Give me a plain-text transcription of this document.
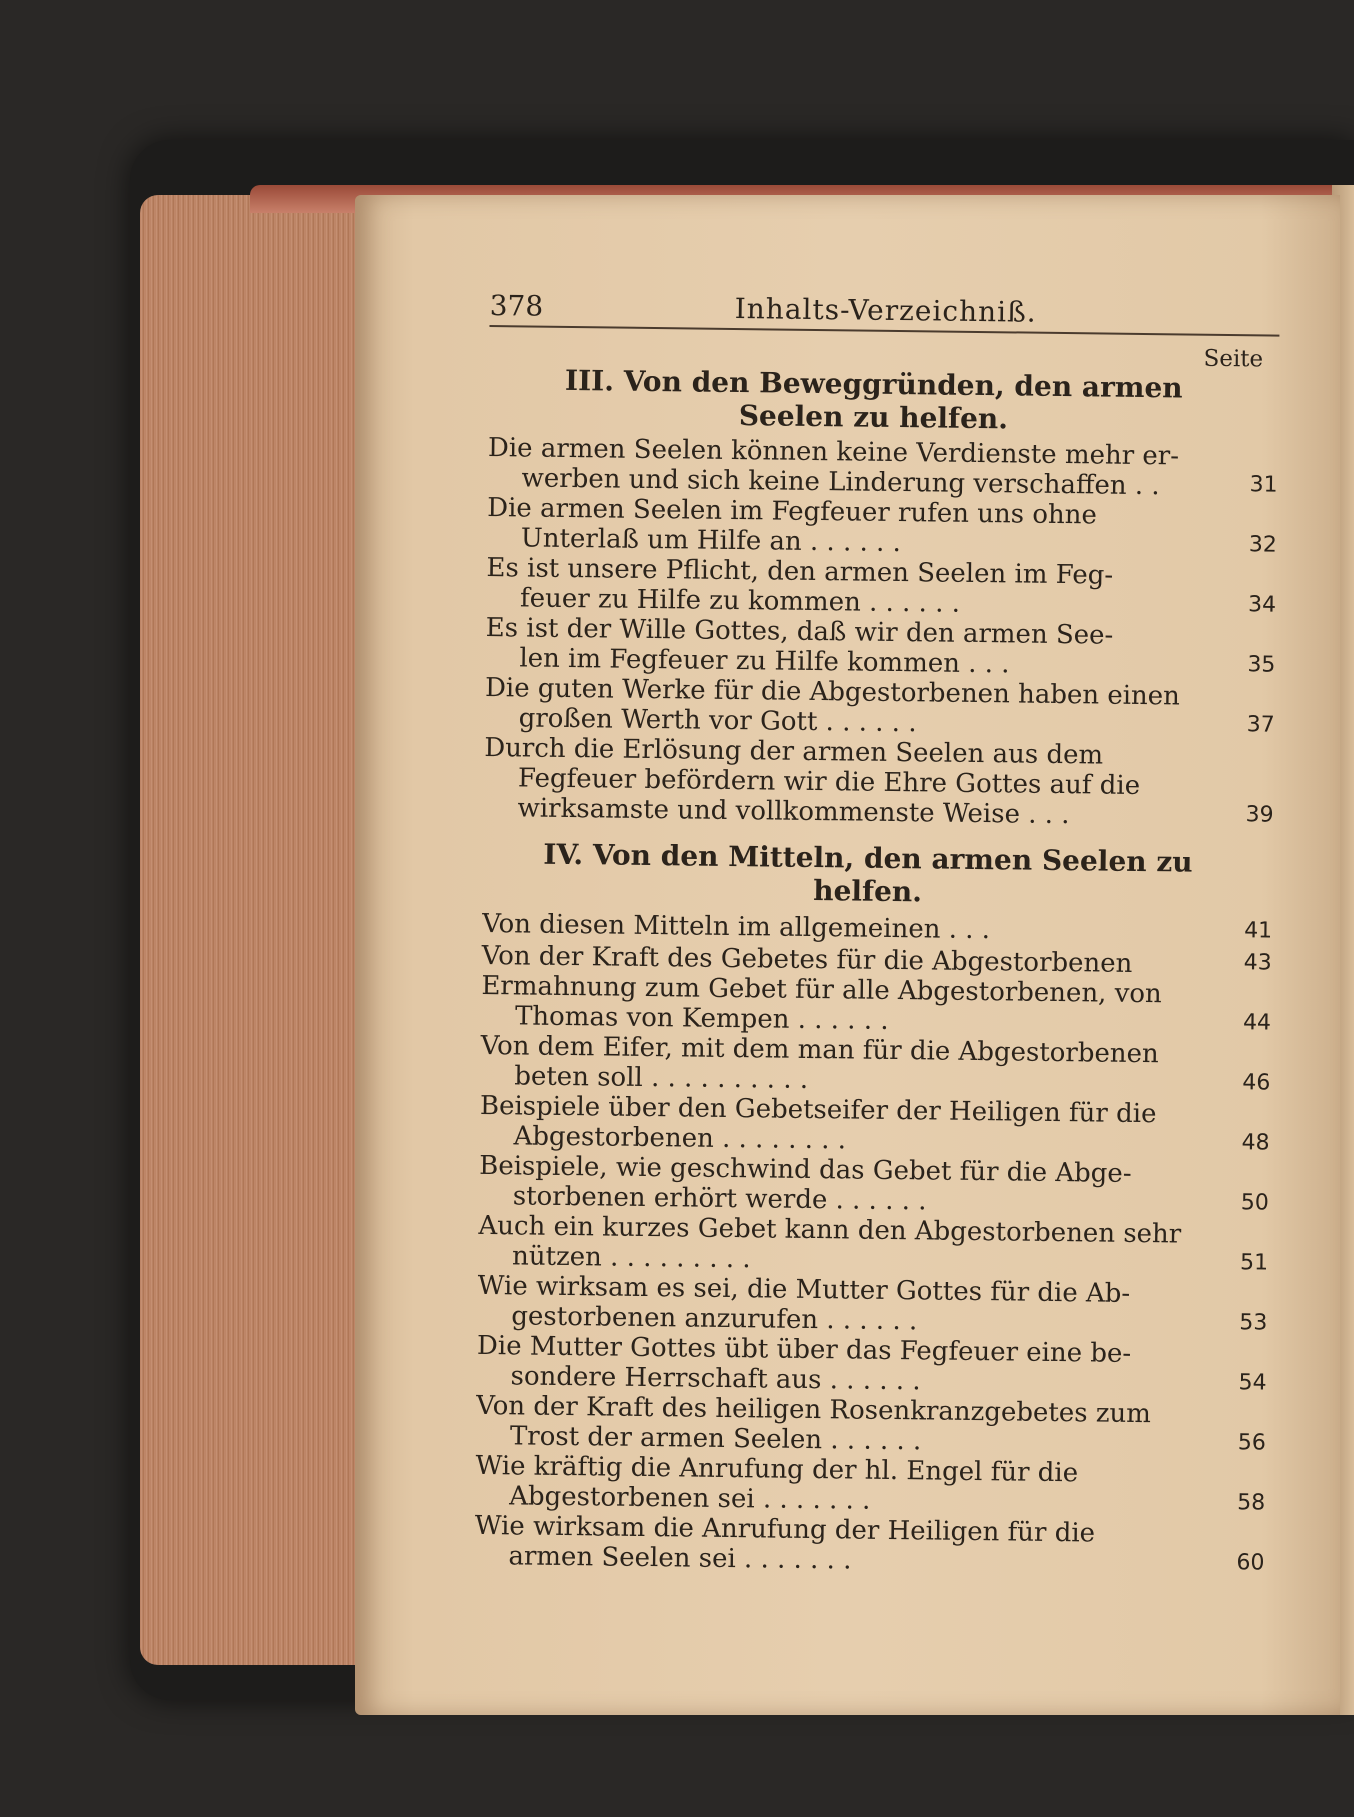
378	Inhalts-Verzeichniß.
Seite
III. Von den Beweggründen, den armen Seelen zu helfen.
Die armen Seelen können keine Verdienste mehr er-
werben und sich keine Linderung verschaffen . .	31
Die armen Seelen im Fegfeuer rufen uns ohne
Unterlaß um Hilfe an . . . . . .	32
Es ist unsere Pflicht, den armen Seelen im Feg-
feuer zu Hilfe zu kommen . . . . . .	34
Es ist der Wille Gottes, daß wir den armen See-
len im Fegfeuer zu Hilfe kommen . . .	35
Die guten Werke für die Abgestorbenen haben einen
großen Werth vor Gott . . . . . .	37
Durch die Erlösung der armen Seelen aus dem
Fegfeuer befördern wir die Ehre Gottes auf die
wirksamste und vollkommenste Weise . . .	39
IV. Von den Mitteln, den armen Seelen zu helfen.
Von diesen Mitteln im allgemeinen . . .	41
Von der Kraft des Gebetes für die Abgestorbenen	43
Ermahnung zum Gebet für alle Abgestorbenen, von
Thomas von Kempen . . . . . .	44
Von dem Eifer, mit dem man für die Abgestorbenen
beten soll . . . . . . . . . .	46
Beispiele über den Gebetseifer der Heiligen für die
Abgestorbenen . . . . . . . .	48
Beispiele, wie geschwind das Gebet für die Abge-
storbenen erhört werde . . . . . .	50
Auch ein kurzes Gebet kann den Abgestorbenen sehr
nützen . . . . . . . . .	51
Wie wirksam es sei, die Mutter Gottes für die Ab-
gestorbenen anzurufen . . . . . .	53
Die Mutter Gottes übt über das Fegfeuer eine be-
sondere Herrschaft aus . . . . . .	54
Von der Kraft des heiligen Rosenkranzgebetes zum
Trost der armen Seelen . . . . . .	56
Wie kräftig die Anrufung der hl. Engel für die
Abgestorbenen sei . . . . . . .	58
Wie wirksam die Anrufung der Heiligen für die
armen Seelen sei . . . . . . .	60
